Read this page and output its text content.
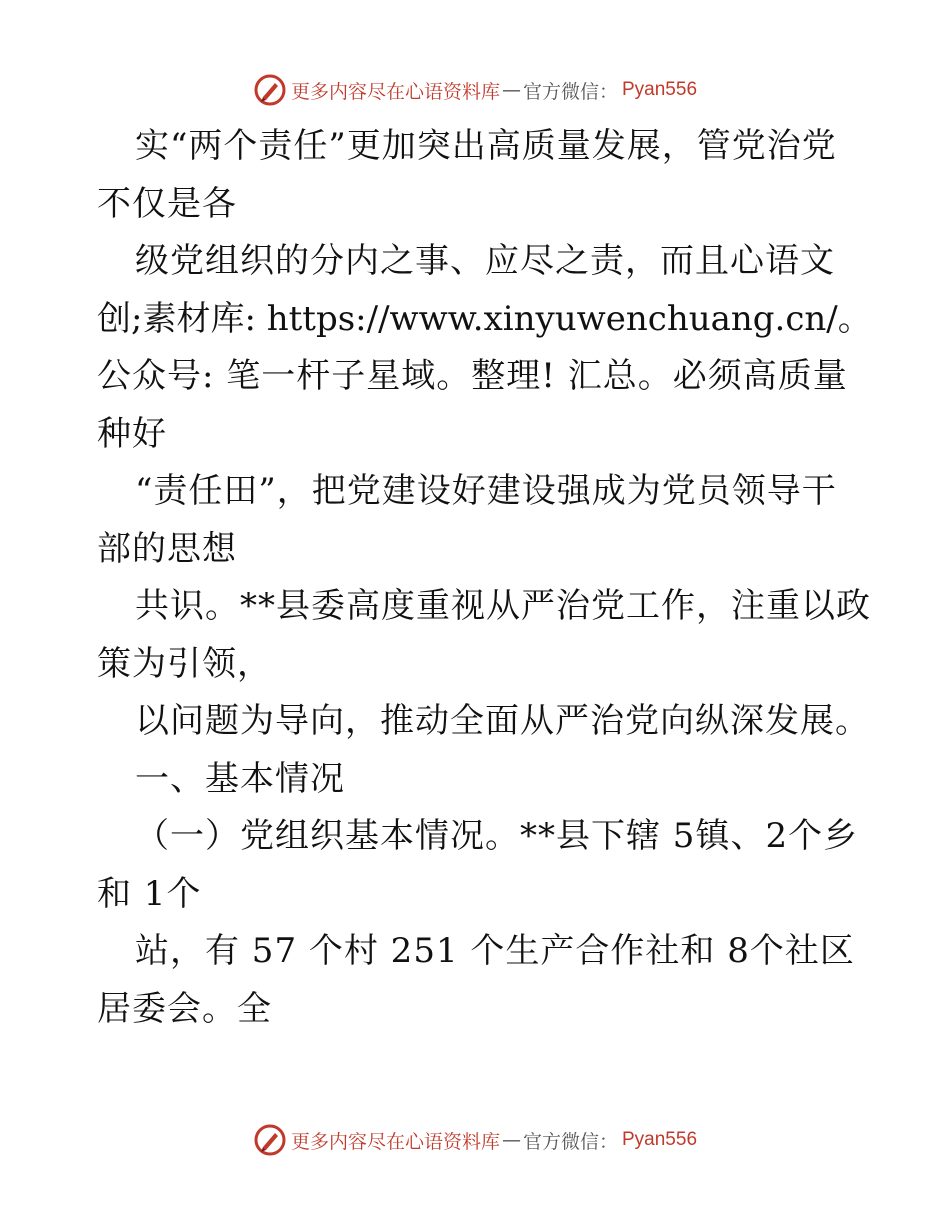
更多内容尽在心语资料库 — 官方微信： Pyan556
实“两个责任”更加突出高质量发展，管党治党
不仅是各
级党组织的分内之事、应尽之责，而且心语文
创;素材库: https://www.xinyuwenchuang.cn/。
公众号: 笔一杆子星域。整理! 汇总。必须高质量
种好
“责任田”，把党建设好建设强成为党员领导干
部的思想
共识。**县委高度重视从严治党工作，注重以政
策为引领，
以问题为导向，推动全面从严治党向纵深发展。
一、基本情况
（一）党组织基本情况。**县下辖 5镇、2个乡
和 1个
站，有 57 个村 251 个生产合作社和 8个社区
居委会。全
更多内容尽在心语资料库 — 官方微信： Pyan556
